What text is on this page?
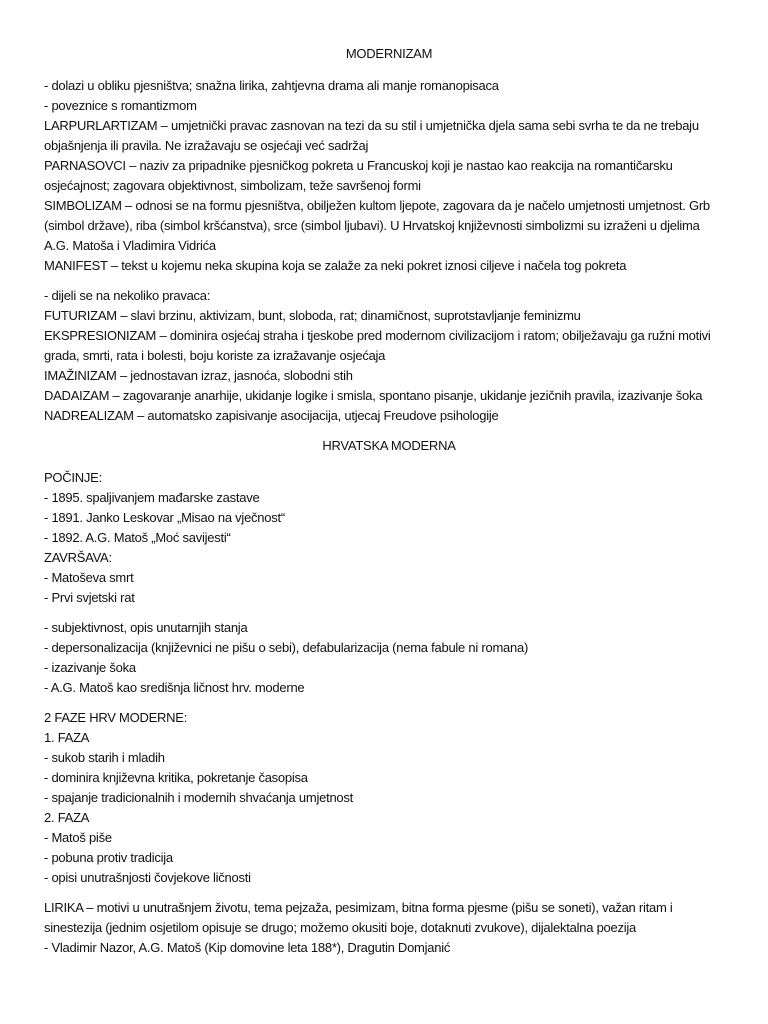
MODERNIZAM
- dolazi u obliku pjesništva; snažna lirika, zahtjevna drama ali manje romanopisaca
- poveznice s romantizmom
LARPURLARTIZAM – umjetnički pravac zasnovan na tezi da su stil i umjetnička djela sama sebi svrha te da ne trebaju
objašnjenja ili pravila. Ne izražavaju se osjećaji već sadržaj
PARNASOVCI – naziv za pripadnike pjesničkog pokreta u Francuskoj koji je nastao kao reakcija na romantičarsku
osjećajnost; zagovara objektivnost, simbolizam, teže savršenoj formi
SIMBOLIZAM – odnosi se na formu pjesništva, obilježen kultom ljepote, zagovara da je načelo umjetnosti umjetnost. Grb
(simbol države), riba (simbol kršćanstva), srce (simbol ljubavi). U Hrvatskoj književnosti simbolizmi su izraženi u djelima
A.G. Matoša i Vladimira Vidrića
MANIFEST – tekst u kojemu neka skupina koja se zalaže za neki pokret iznosi ciljeve i načela tog pokreta
- dijeli se na nekoliko pravaca:
FUTURIZAM – slavi brzinu, aktivizam, bunt, sloboda, rat; dinamičnost, suprotstavljanje feminizmu
EKSPRESIONIZAM – dominira osjećaj straha i tjeskobe pred modernom civilizacijom i ratom; obilježavaju ga ružni motivi
grada, smrti, rata i bolesti, boju koriste za izražavanje osjećaja
IMAŽINIZAM – jednostavan izraz, jasnoća, slobodni stih
DADAIZAM – zagovaranje anarhije, ukidanje logike i smisla, spontano pisanje, ukidanje jezičnih pravila, izazivanje šoka
NADREALIZAM – automatsko zapisivanje asocijacija, utjecaj Freudove psihologije
HRVATSKA MODERNA
POČINJE:
- 1895. spaljivanjem mađarske zastave
- 1891. Janko Leskovar „Misao na vječnost“
- 1892. A.G. Matoš „Moć savijesti“
ZAVRŠAVA:
- Matoševa smrt
- Prvi svjetski rat
- subjektivnost, opis unutarnjih stanja
- depersonalizacija (književnici ne pišu o sebi), defabularizacija (nema fabule ni romana)
- izazivanje šoka
- A.G. Matoš kao središnja ličnost hrv. moderne
2 FAZE HRV MODERNE:
1. FAZA
- sukob starih i mladih
- dominira književna kritika, pokretanje časopisa
- spajanje tradicionalnih i modernih shvaćanja umjetnost
2. FAZA
- Matoš piše
- pobuna protiv tradicija
- opisi unutrašnjosti čovjekove ličnosti
LIRIKA – motivi u unutrašnjem životu, tema pejzaža, pesimizam, bitna forma pjesme (pišu se soneti), važan ritam i
sinestezija (jednim osjetilom opisuje se drugo; možemo okusiti boje, dotaknuti zvukove), dijalektalna poezija
- Vladimir Nazor, A.G. Matoš (Kip domovine leta 188*), Dragutin Domjanić
